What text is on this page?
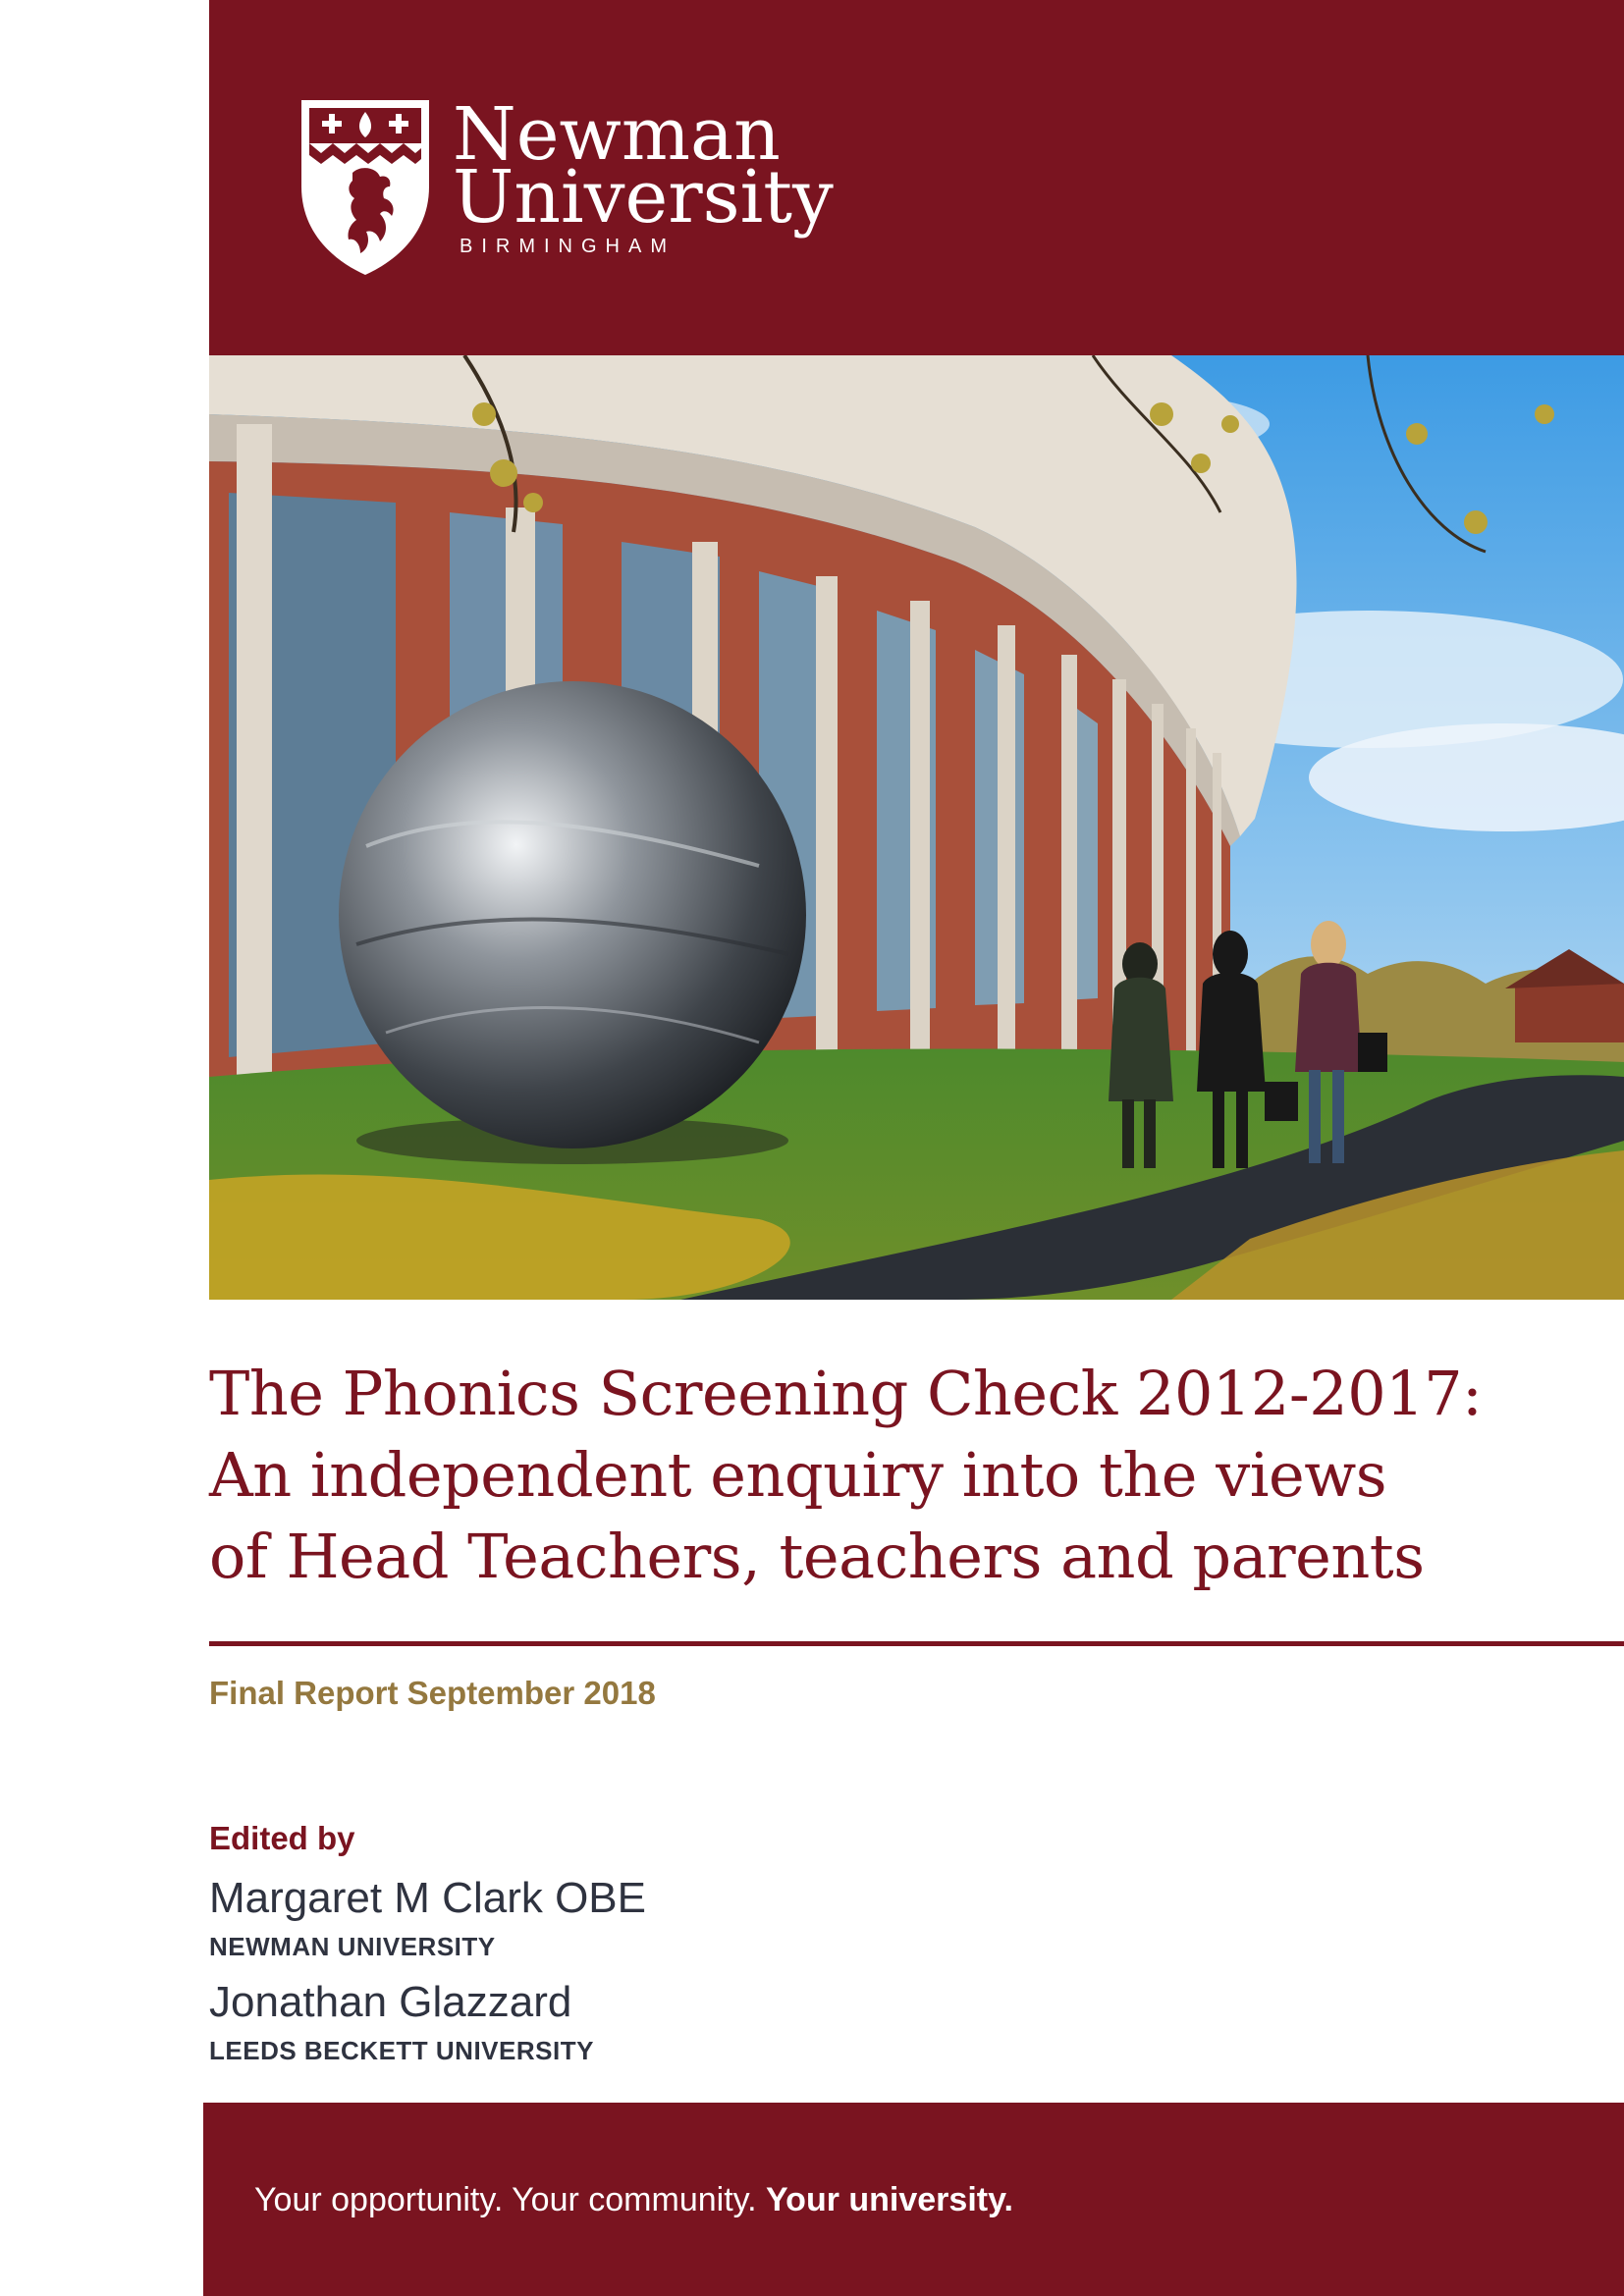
Newman
University
BIRMINGHAM
The Phonics Screening Check 2012-2017:
An independent enquiry into the views
of Head Teachers, teachers and parents
Final Report September 2018
Edited by
Margaret M Clark OBE
NEWMAN UNIVERSITY
Jonathan Glazzard
LEEDS BECKETT UNIVERSITY
Your opportunity. Your community. Your university.
